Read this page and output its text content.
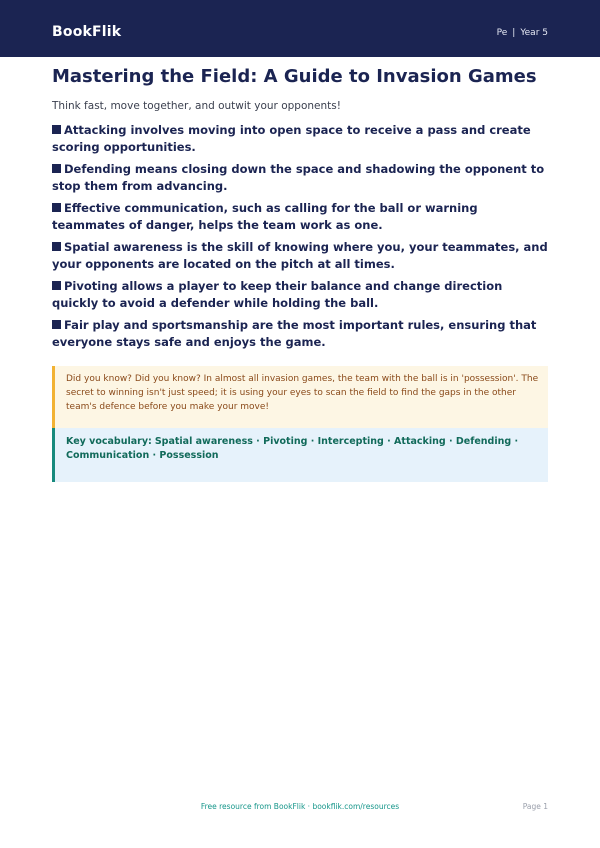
BookFlik	Pe | Year 5
Mastering the Field: A Guide to Invasion Games
Think fast, move together, and outwit your opponents!
Attacking involves moving into open space to receive a pass and create scoring opportunities.
Defending means closing down the space and shadowing the opponent to stop them from advancing.
Effective communication, such as calling for the ball or warning teammates of danger, helps the team work as one.
Spatial awareness is the skill of knowing where you, your teammates, and your opponents are located on the pitch at all times.
Pivoting allows a player to keep their balance and change direction quickly to avoid a defender while holding the ball.
Fair play and sportsmanship are the most important rules, ensuring that everyone stays safe and enjoys the game.
Did you know? Did you know? In almost all invasion games, the team with the ball is in 'possession'. The secret to winning isn't just speed; it is using your eyes to scan the field to find the gaps in the other team's defence before you make your move!
Key vocabulary: Spatial awareness · Pivoting · Intercepting · Attacking · Defending · Communication · Possession
Free resource from BookFlik · bookflik.com/resources	Page 1
